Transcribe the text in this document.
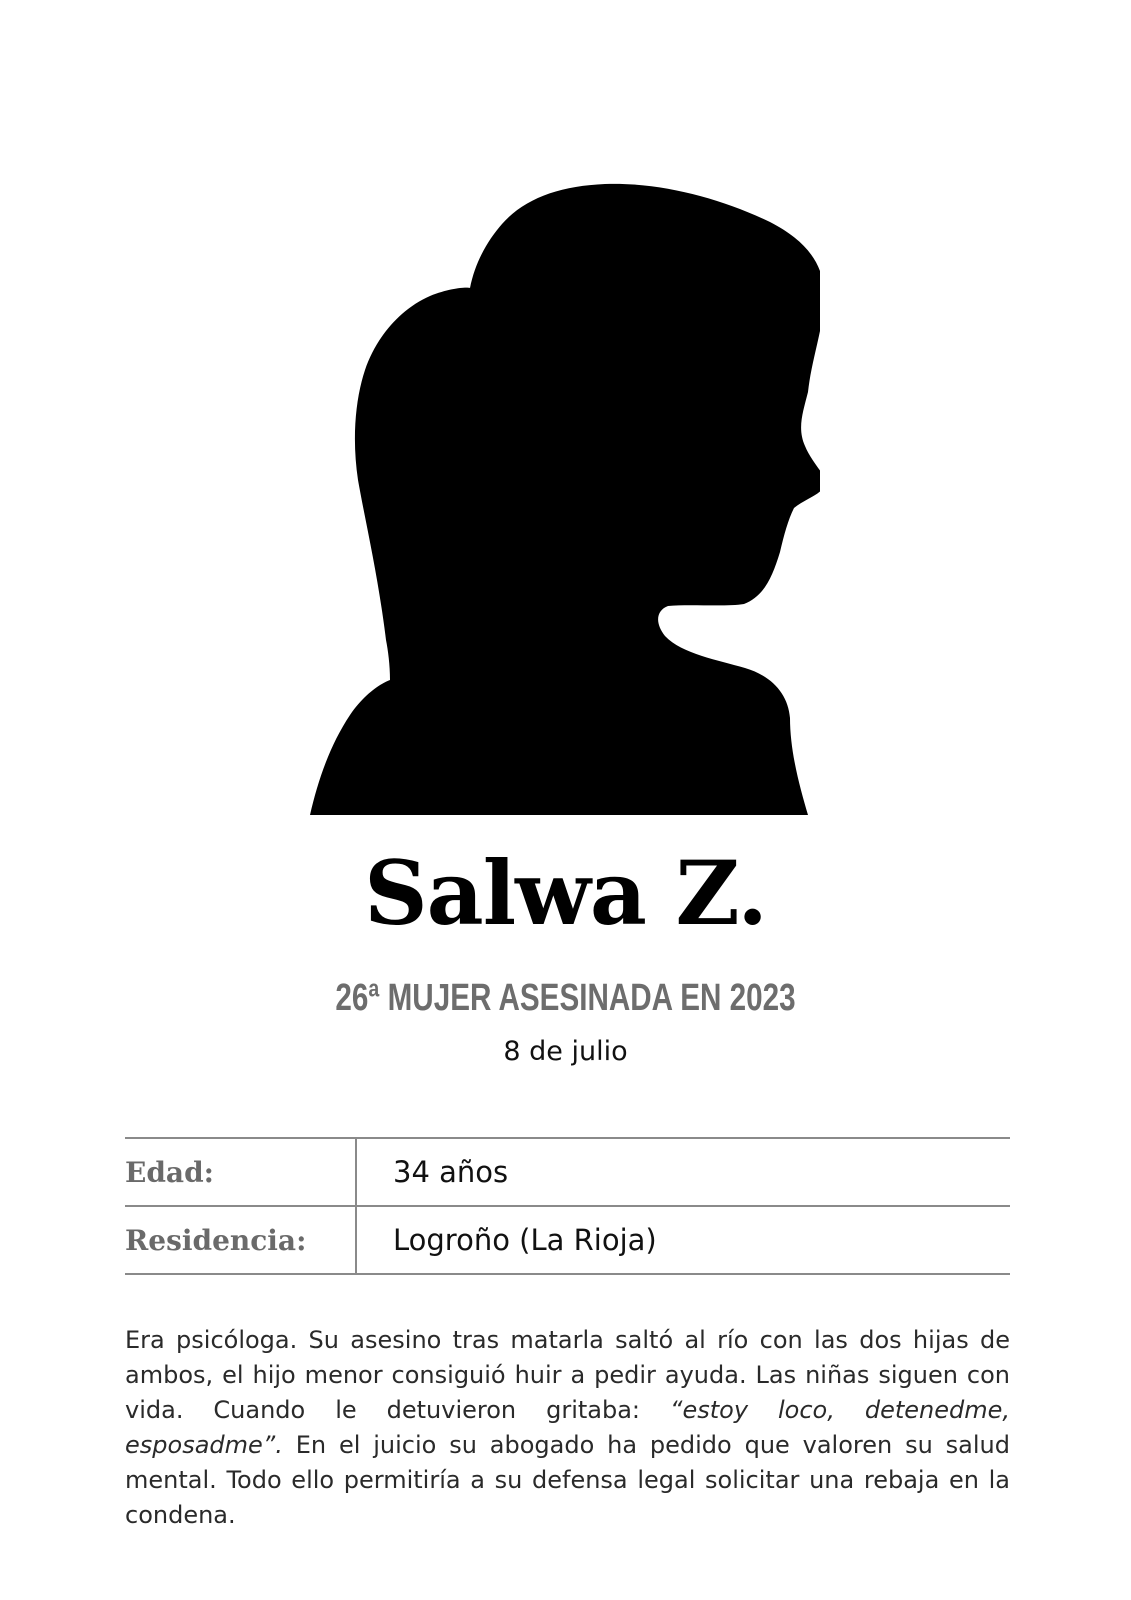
Salwa Z.
26ª MUJER ASESINADA EN 2023
8 de julio
Edad:	34 años
Residencia:	Logroño (La Rioja)

Era psicóloga. Su asesino tras matarla saltó al río con las dos hijas de ambos, el hijo menor consiguió huir a pedir ayuda. Las niñas siguen con vida. Cuando le detuvieron gritaba: “estoy loco, detenedme, esposadme”. En el juicio su abogado ha pedido que valoren su salud mental. Todo ello permitiría a su defensa legal solicitar una rebaja en la condena.
